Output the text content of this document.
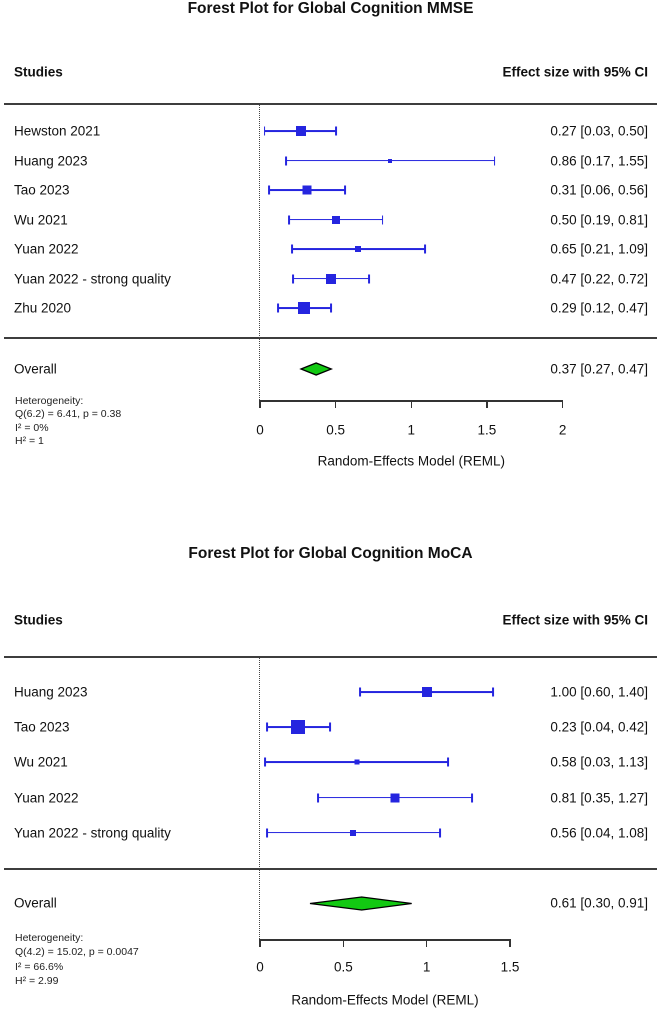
Forest Plot for Global Cognition MMSE
Studies	Effect size with 95% CI
Hewston 2021	0.27 [0.03, 0.50]
Huang 2023	0.86 [0.17, 1.55]
Tao 2023	0.31 [0.06, 0.56]
Wu 2021	0.50 [0.19, 0.81]
Yuan 2022	0.65 [0.21, 1.09]
Yuan 2022 - strong quality	0.47 [0.22, 0.72]
Zhu 2020	0.29 [0.12, 0.47]
Overall	0.37 [0.27, 0.47]
Heterogeneity:
Q(6.2) = 6.41, p = 0.38
I² = 0%
H² = 1
0	0.5	1	1.5	2
Random-Effects Model (REML)
Forest Plot for Global Cognition MoCA
Studies	Effect size with 95% CI
Huang 2023	1.00 [0.60, 1.40]
Tao 2023	0.23 [0.04, 0.42]
Wu 2021	0.58 [0.03, 1.13]
Yuan 2022	0.81 [0.35, 1.27]
Yuan 2022 - strong quality	0.56 [0.04, 1.08]
Overall	0.61 [0.30, 0.91]
Heterogeneity:
Q(4.2) = 15.02, p = 0.0047
I² = 66.6%
H² = 2.99
0	0.5	1	1.5
Random-Effects Model (REML)
